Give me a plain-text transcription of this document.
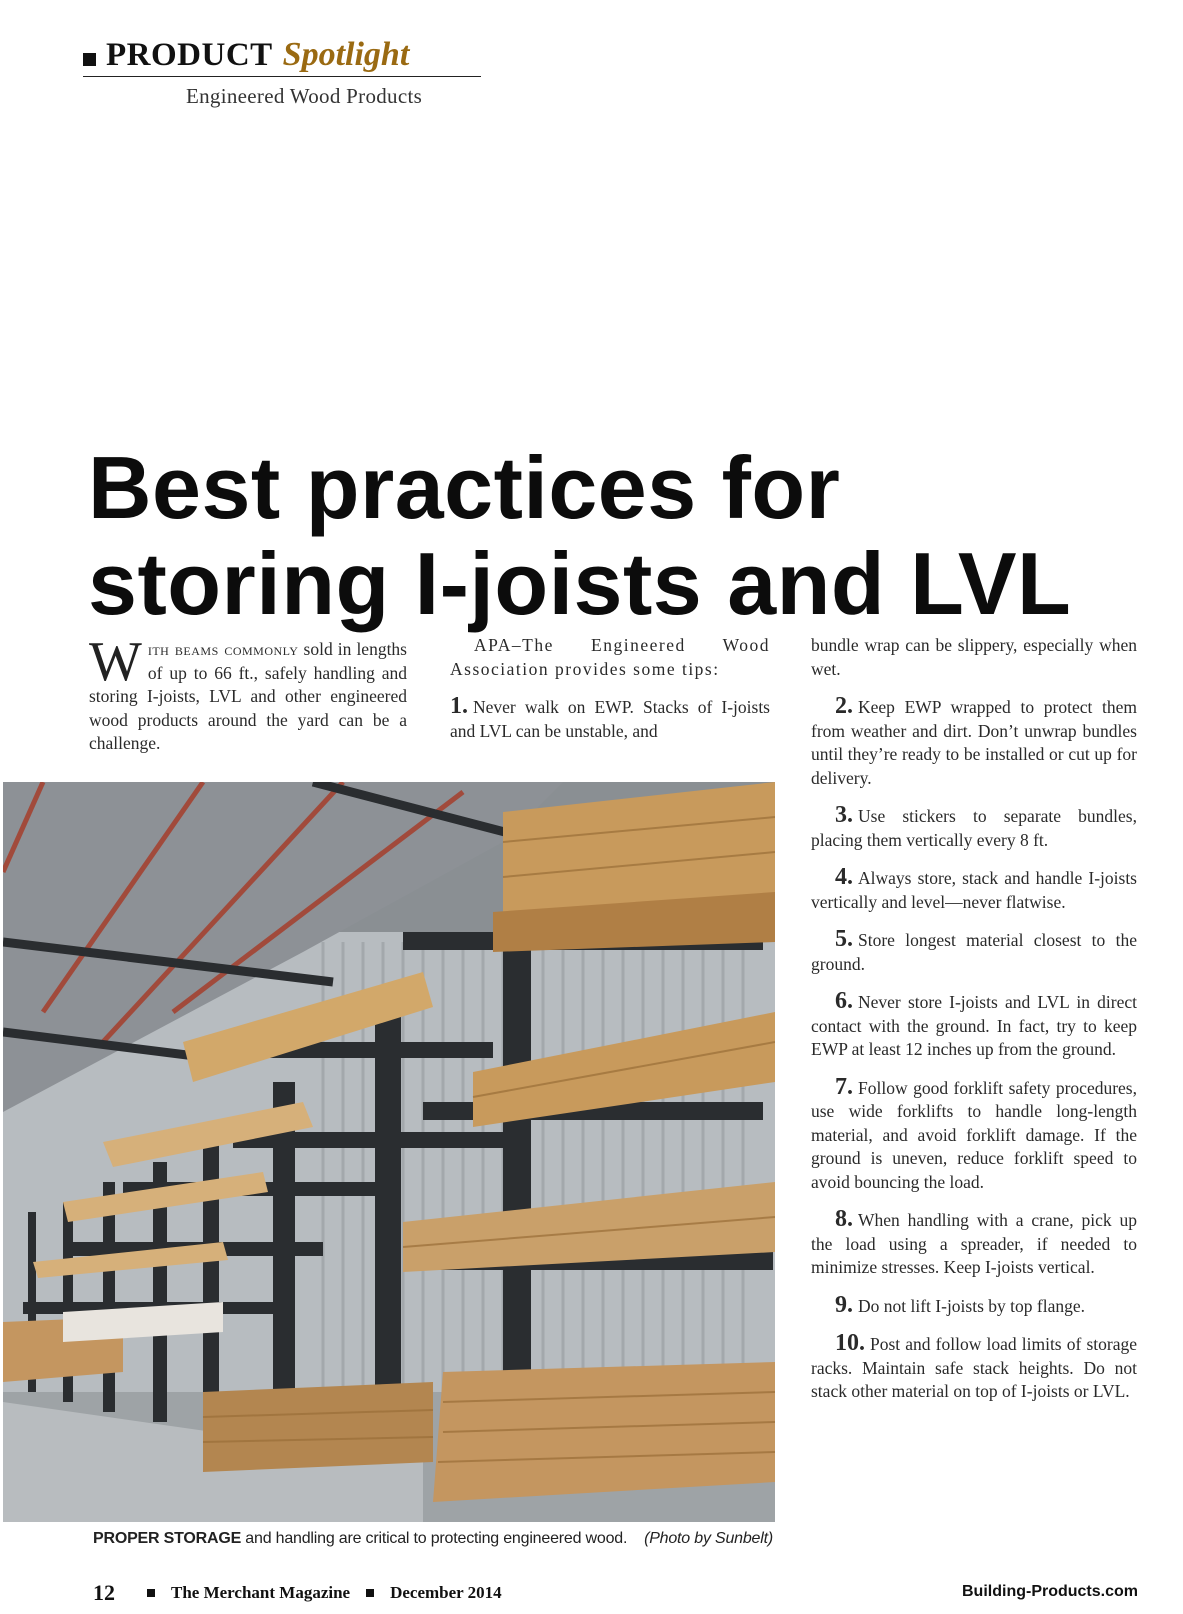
PRODUCT Spotlight
Engineered Wood Products
Best practices for
storing I-joists and LVL

With beams commonly sold in lengths of up to 66 ft., safely handling and storing I-joists, LVL and other engineered wood products around the yard can be a challenge.

APA–The Engineered Wood Association provides some tips:

1. Never walk on EWP. Stacks of I-joists and LVL can be unstable, and

bundle wrap can be slippery, especially when wet.

2. Keep EWP wrapped to protect them from weather and dirt. Don’t unwrap bundles until they’re ready to be installed or cut up for delivery.

3. Use stickers to separate bundles, placing them vertically every 8 ft.

4. Always store, stack and handle I-joists vertically and level—never flatwise.

5. Store longest material closest to the ground.

6. Never store I-joists and LVL in direct contact with the ground. In fact, try to keep EWP at least 12 inches up from the ground.

7. Follow good forklift safety procedures, use wide forklifts to handle long-length material, and avoid forklift damage. If the ground is uneven, reduce forklift speed to avoid bouncing the load.

8. When handling with a crane, pick up the load using a spreader, if needed to minimize stresses. Keep I-joists vertical.

9. Do not lift I-joists by top flange.

10. Post and follow load limits of storage racks. Maintain safe stack heights. Do not stack other material on top of I-joists or LVL.

PROPER STORAGE and handling are critical to protecting engineered wood. (Photo by Sunbelt)
12	The Merchant Magazine December 2014	Building-Products.com
